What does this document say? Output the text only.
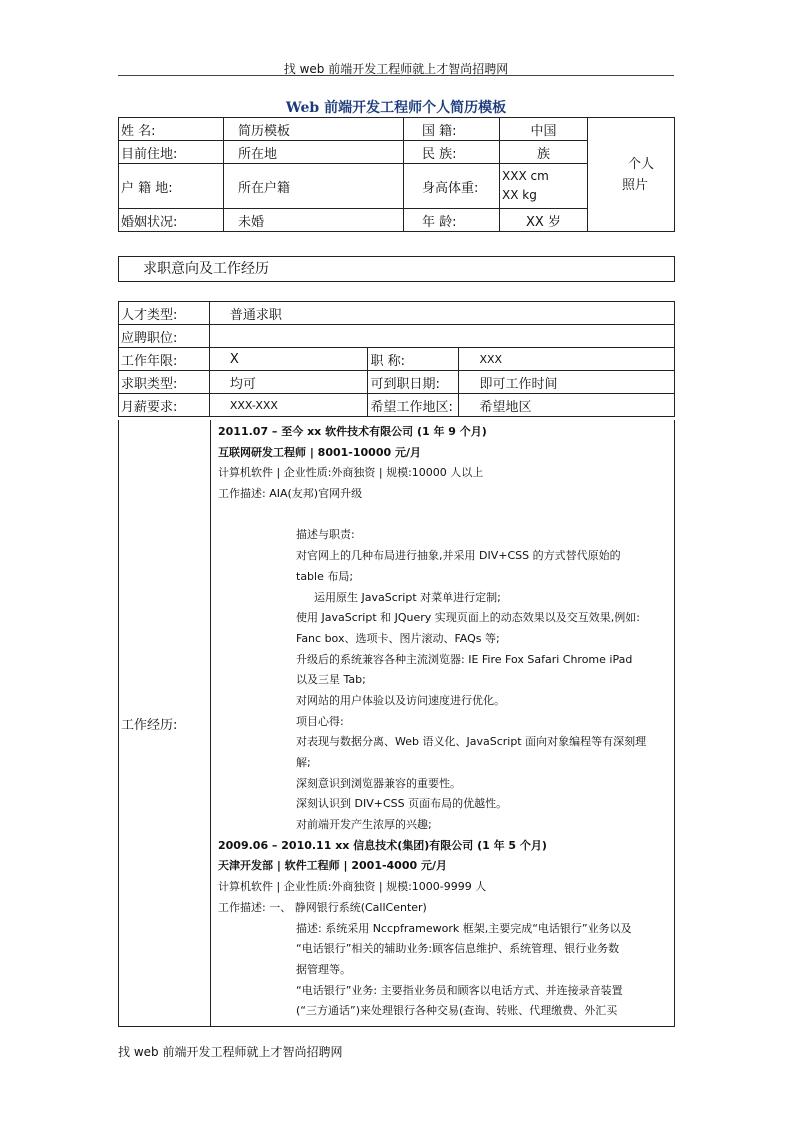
找 web 前端开发工程师就上才智尚招聘网
Web 前端开发工程师个人简历模板
姓 名:	简历模板	国 籍:	中国	个人
照片

目前住地:	所在地	民 族:	族	
户 籍 地:	所在户籍	身高体重:	XXX cm
XX kg	

婚姻状况:	未婚	年 龄:	XX 岁	
求职意向及工作经历
人才类型:	普通求职		
应聘职位:			
工作年限:	X	职 称:	XXX
求职类型:	均可	可到职日期:	即可工作时间
月薪要求:	XXX-XXX	希望工作地区:	希望地区
工作经历:
2011.07 – 至今 xx 软件技术有限公司 (1 年 9 个月)
互联网研发工程师 | 8001-10000 元/月
计算机软件 | 企业性质:外商独资 | 规模:10000 人以上
工作描述: AIA(友邦)官网升级
描述与职责:
对官网上的几种布局进行抽象,并采用 DIV+CSS 的方式替代原始的
table 布局;
运用原生 JavaScript 对菜单进行定制;
使用 JavaScript 和 JQuery 实现页面上的动态效果以及交互效果,例如:
Fanc box、选项卡、图片滚动、FAQs 等;
升级后的系统兼容各种主流浏览器: IE Fire Fox Safari Chrome iPad
以及三星 Tab;
对网站的用户体验以及访问速度进行优化。
项目心得:
对表现与数据分离、Web 语义化、JavaScript 面向对象编程等有深刻理
解;
深刻意识到浏览器兼容的重要性。
深刻认识到 DIV+CSS 页面布局的优越性。
对前端开发产生浓厚的兴趣;
2009.06 – 2010.11 xx 信息技术(集团)有限公司 (1 年 5 个月)
天津开发部 | 软件工程师 | 2001-4000 元/月
计算机软件 | 企业性质:外商独资 | 规模:1000-9999 人
工作描述: 一、 静网银行系统(CallCenter)
描述: 系统采用 Nccpframework 框架,主要完成“电话银行”业务以及
“电话银行”相关的辅助业务:顾客信息维护、系统管理、银行业务数
据管理等。
“电话银行”业务: 主要指业务员和顾客以电话方式、并连接录音装置
(“三方通话”)来处理银行各种交易(查询、转账、代理缴费、外汇买
找 web 前端开发工程师就上才智尚招聘网
